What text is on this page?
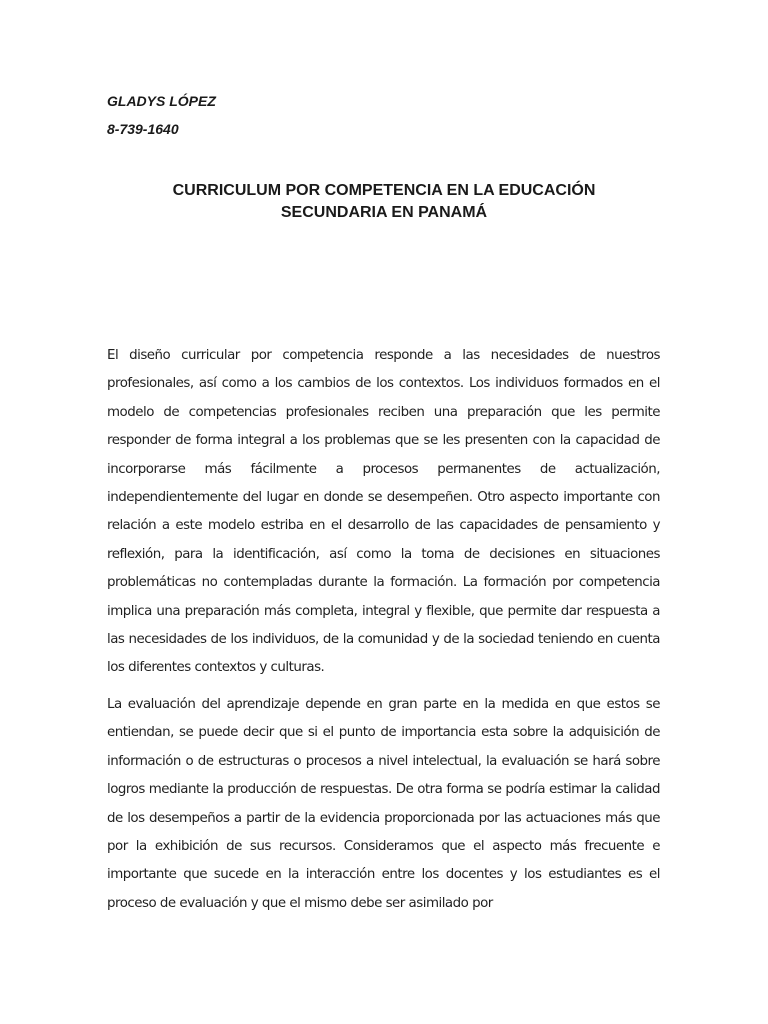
GLADYS LÓPEZ
8-739-1640
CURRICULUM POR COMPETENCIA EN LA EDUCACIÓN
SECUNDARIA EN PANAMÁ

El diseño curricular por competencia responde a las necesidades de nuestros profesionales, así como a los cambios de los contextos. Los individuos formados en el modelo de competencias profesionales reciben una preparación que les permite responder de forma integral a los problemas que se les presenten con la capacidad de incorporarse más fácilmente a procesos permanentes de actualización, independientemente del lugar en donde se desempeñen. Otro aspecto importante con relación a este modelo estriba en el desarrollo de las capacidades de pensamiento y reflexión, para la identificación, así como la toma de decisiones en situaciones problemáticas no contempladas durante la formación. La formación por competencia implica una preparación más completa, integral y flexible, que permite dar respuesta a las necesidades de los individuos, de la comunidad y de la sociedad teniendo en cuenta los diferentes contextos y culturas.

La evaluación del aprendizaje depende en gran parte en la medida en que estos se entiendan, se puede decir que si el punto de importancia esta sobre la adquisición de información o de estructuras o procesos a nivel intelectual, la evaluación se hará sobre logros mediante la producción de respuestas. De otra forma se podría estimar la calidad de los desempeños a partir de la evidencia proporcionada por las actuaciones más que por la exhibición de sus recursos. Consideramos que el aspecto más frecuente e importante que sucede en la interacción entre los docentes y los estudiantes es el proceso de evaluación y que el mismo debe ser asimilado por
